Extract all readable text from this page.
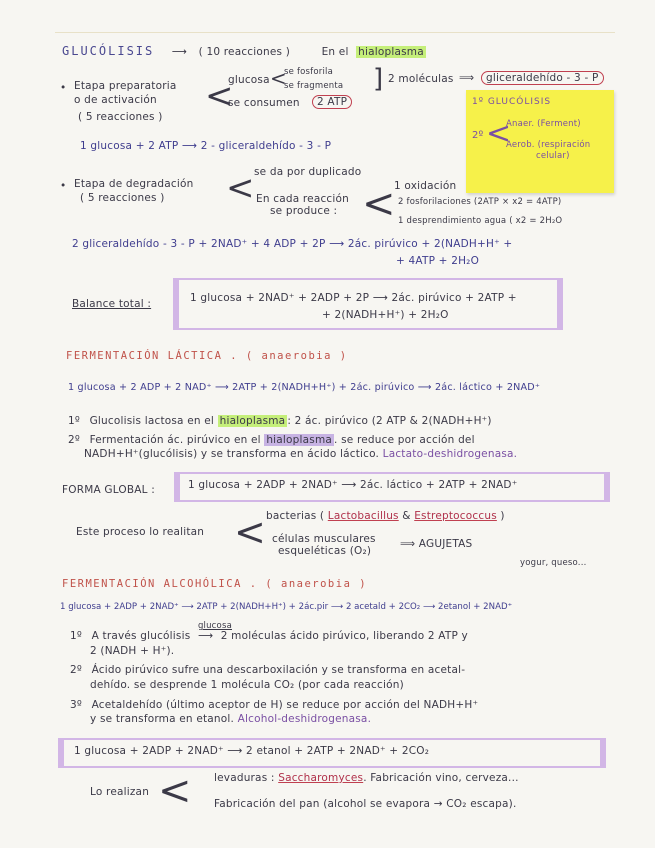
GLUCÓLISIS ⟶ ( 10 reacciones )	En el hialoplasma
• Etapa preparatoria
o de activación
( 5 reacciones )
<
glucosa <
se fosforila
se fragmenta ] 2 moléculas ⟹	gliceraldehído - 3 - P
se consumen	2 ATP
1 glucosa + 2 ATP ⟶ 2 - gliceraldehído - 3 - P
1º GLUCÓLISIS
2º <
Anaer. (Ferment)
Aerob. (respiración
celular)
• Etapa de degradación
( 5 reacciones ) < se da por duplicado
En cada reacción
se produce : <
1 oxidación
2 fosforilaciones (2ATP × x2 = 4ATP)
1 desprendimiento agua ( x2 = 2H₂O
2 gliceraldehído - 3 - P + 2NAD⁺ + 4 ADP + 2P ⟶ 2ác. pirúvico + 2(NADH+H⁺ +
+ 4ATP + 2H₂O
Balance total :	1 glucosa + 2NAD⁺ + 2ADP + 2P ⟶ 2ác. pirúvico + 2ATP +
+ 2(NADH+H⁺) + 2H₂O
FERMENTACIÓN LÁCTICA . ( anaerobia )
1 glucosa + 2 ADP + 2 NAD⁺ ⟶ 2ATP + 2(NADH+H⁺) + 2ác. pirúvico ⟶ 2ác. láctico + 2NAD⁺
1º Glucolisis lactosa en el hialoplasma : 2 ác. pirúvico (2 ATP & 2(NADH+H⁺)
2º Fermentación ác. pirúvico en el hialoplasma . se reduce por acción del
NADH+H⁺(glucólisis) y se transforma en ácido láctico. Lactato-deshidrogenasa.
FORMA GLOBAL :	1 glucosa + 2ADP + 2NAD⁺ ⟶ 2ác. láctico + 2ATP + 2NAD⁺
Este proceso lo realitan < bacterias ( Lactobacillus & Estreptococcus )
células musculares
esqueléticas (O₂)
⟹ AGUJETAS
yogur, queso...
FERMENTACIÓN ALCOHÓLICA . ( anaerobia )
1 glucosa + 2ADP + 2NAD⁺ ⟶ 2ATP + 2(NADH+H⁺) + 2ác.pir ⟶ 2 acetald + 2CO₂ ⟶ 2etanol + 2NAD⁺
1º A través glucólisis
glucosa
⟶ 2 moléculas ácido pirúvico, liberando 2 ATP y
2 (NADH + H⁺).
2º Ácido pirúvico sufre una descarboxilación y se transforma en acetal-
dehído. se desprende 1 molécula CO₂ (por cada reacción)
3º Acetaldehído (último aceptor de H) se reduce por acción del NADH+H⁺
y se transforma en etanol. Alcohol-deshidrogenasa.
1 glucosa + 2ADP + 2NAD⁺ ⟶ 2 etanol + 2ATP + 2NAD⁺ + 2CO₂
Lo realizan < levaduras : Saccharomyces. Fabricación vino, cerveza...
Fabricación del pan (alcohol se evapora → CO₂ escapa).
